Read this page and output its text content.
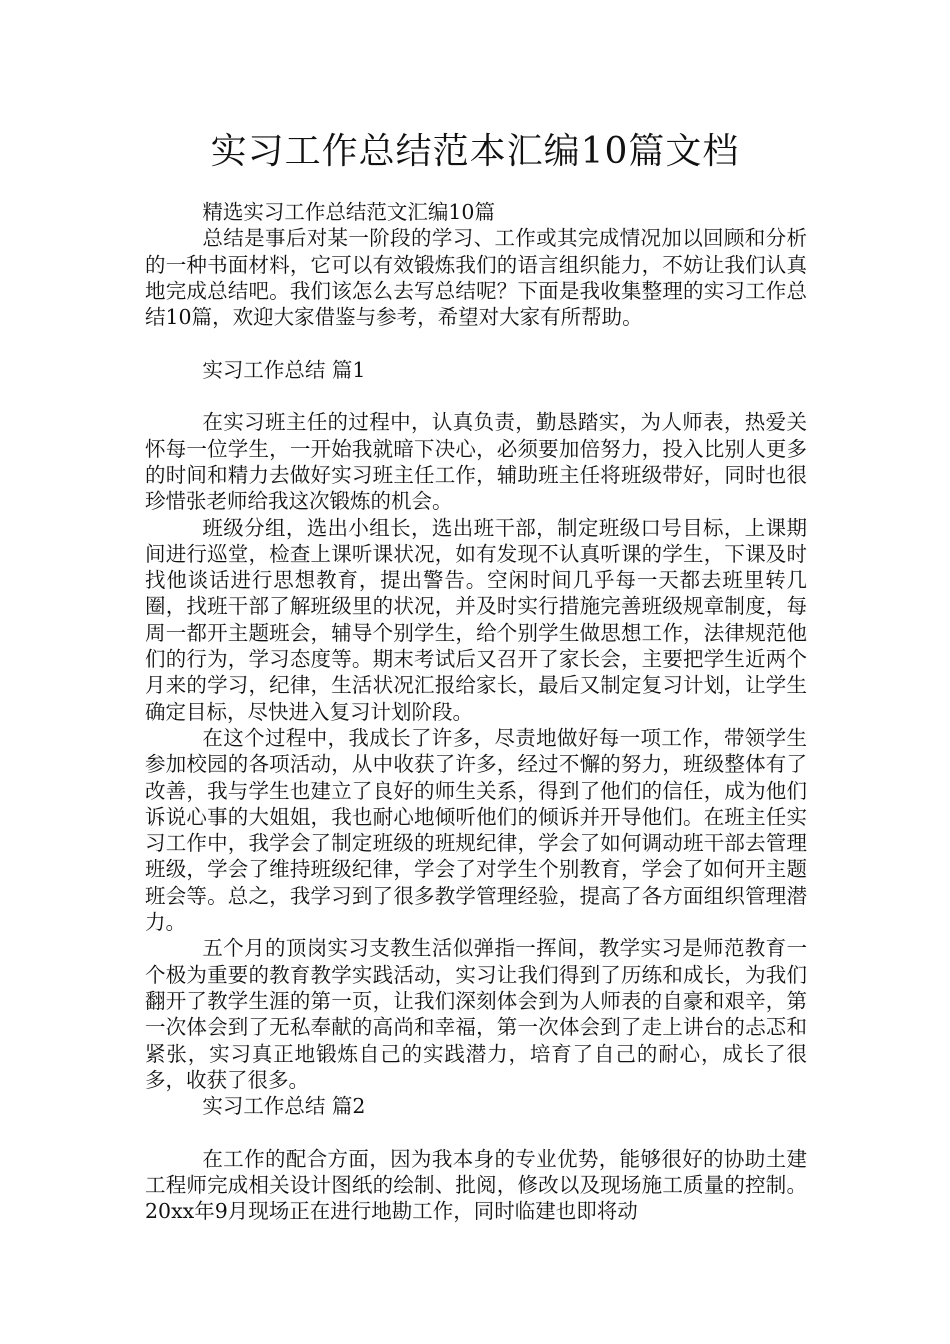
实习工作总结范本汇编10篇文档

精选实习工作总结范文汇编10篇

总结是事后对某一阶段的学习、工作或其完成情况加以回顾和分析的一种书面材料，它可以有效锻炼我们的语言组织能力，不妨让我们认真地完成总结吧。我们该怎么去写总结呢？下面是我收集整理的实习工作总结10篇，欢迎大家借鉴与参考，希望对大家有所帮助。

实习工作总结 篇1

在实习班主任的过程中，认真负责，勤恳踏实，为人师表，热爱关怀每一位学生，一开始我就暗下决心，必须要加倍努力，投入比别人更多的时间和精力去做好实习班主任工作，辅助班主任将班级带好，同时也很珍惜张老师给我这次锻炼的机会。

班级分组，选出小组长，选出班干部，制定班级口号目标，上课期间进行巡堂，检查上课听课状况，如有发现不认真听课的学生，下课及时找他谈话进行思想教育，提出警告。空闲时间几乎每一天都去班里转几圈，找班干部了解班级里的状况，并及时实行措施完善班级规章制度，每周一都开主题班会，辅导个别学生，给个别学生做思想工作，法律规范他们的行为，学习态度等。期末考试后又召开了家长会，主要把学生近两个月来的学习，纪律，生活状况汇报给家长，最后又制定复习计划，让学生确定目标，尽快进入复习计划阶段。

在这个过程中，我成长了许多，尽责地做好每一项工作，带领学生参加校园的各项活动，从中收获了许多，经过不懈的努力，班级整体有了改善，我与学生也建立了良好的师生关系，得到了他们的信任，成为他们诉说心事的大姐姐，我也耐心地倾听他们的倾诉并开导他们。在班主任实习工作中，我学会了制定班级的班规纪律，学会了如何调动班干部去管理班级，学会了维持班级纪律，学会了对学生个别教育，学会了如何开主题班会等。总之，我学习到了很多教学管理经验，提高了各方面组织管理潜力。

五个月的顶岗实习支教生活似弹指一挥间，教学实习是师范教育一个极为重要的教育教学实践活动，实习让我们得到了历练和成长，为我们翻开了教学生涯的第一页，让我们深刻体会到为人师表的自豪和艰辛，第一次体会到了无私奉献的高尚和幸福，第一次体会到了走上讲台的忐忑和紧张，实习真正地锻炼自己的实践潜力，培育了自己的耐心，成长了很多，收获了很多。

实习工作总结 篇2

在工作的配合方面，因为我本身的专业优势，能够很好的协助土建工程师完成相关设计图纸的绘制、批阅，修改以及现场施工质量的控制。20xx年9月现场正在进行地勘工作，同时临建也即将动
